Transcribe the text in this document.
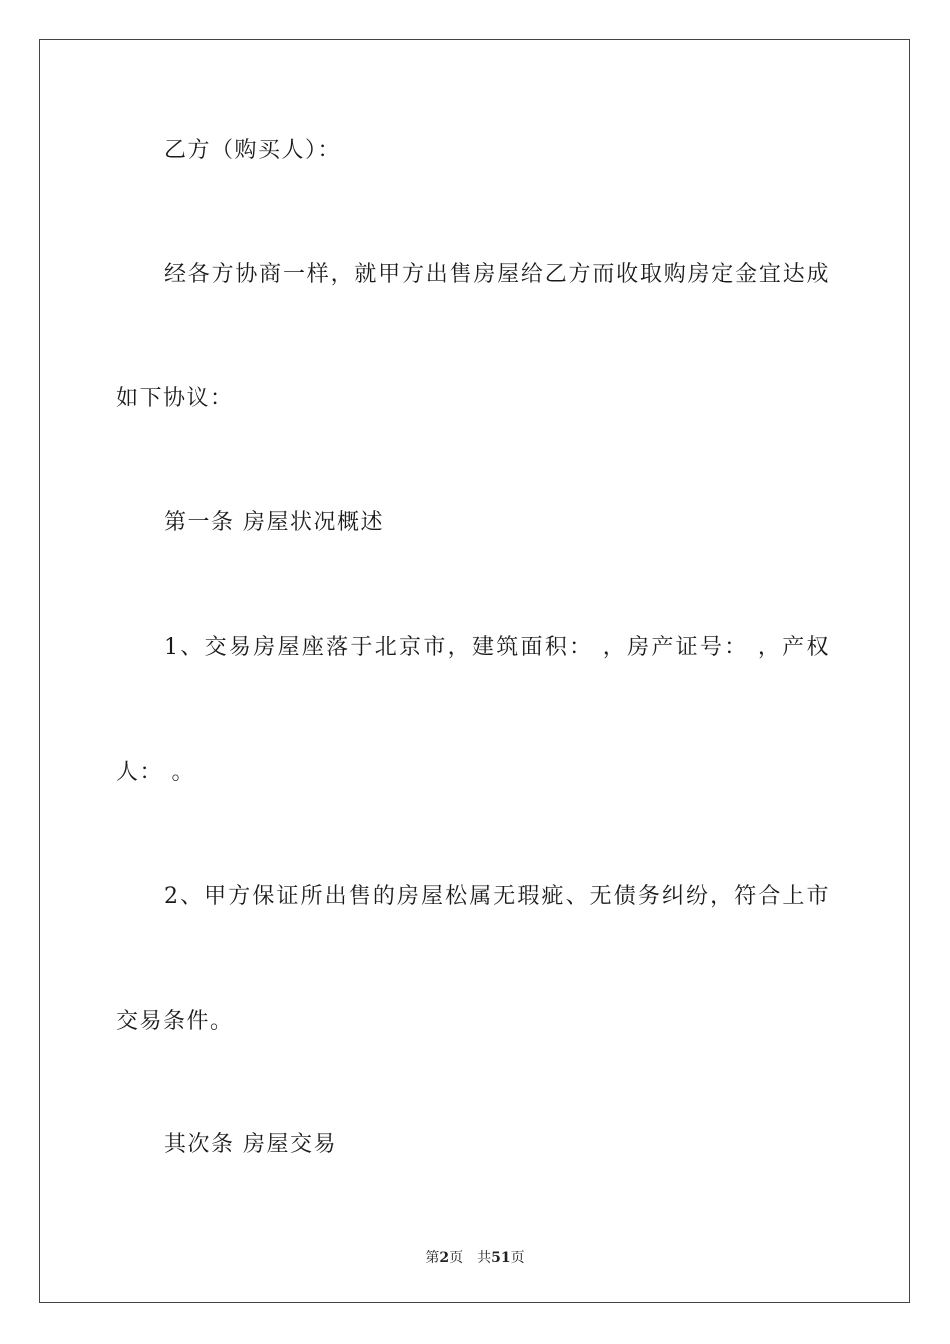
乙方（购买人）：
经各方协商一样，就甲方出售房屋给乙方而收取购房定金宜达成
如下协议：
第一条 房屋状况概述
1、交易房屋座落于北京市，建筑面积： ，房产证号： ，产权
人： 。
2、甲方保证所出售的房屋松属无瑕疵、无债务纠纷，符合上市
交易条件。
其次条 房屋交易
第2页 共51页
